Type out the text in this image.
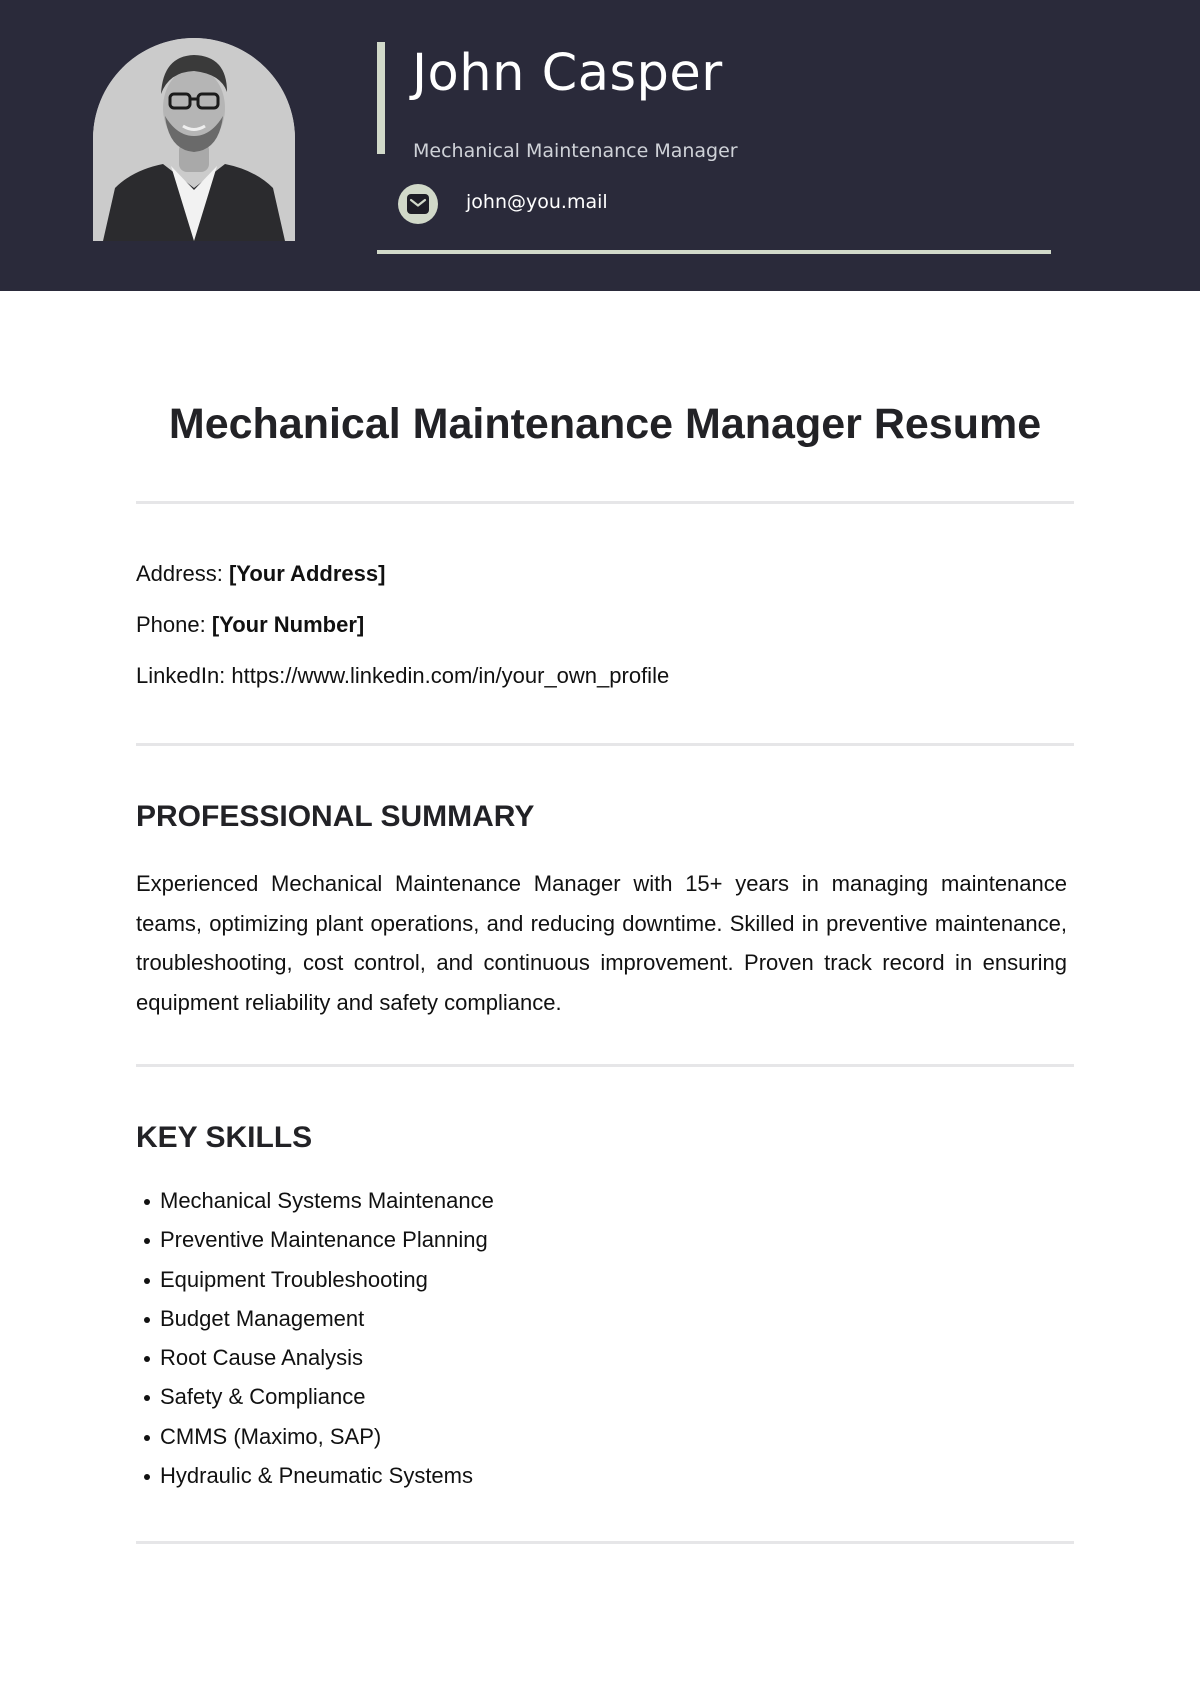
John Casper
Mechanical Maintenance Manager
john@you.mail
Mechanical Maintenance Manager Resume
Address: [Your Address]
Phone: [Your Number]
LinkedIn: https://www.linkedin.com/in/your_own_profile
PROFESSIONAL SUMMARY

Experienced Mechanical Maintenance Manager with 15+ years in managing maintenance teams, optimizing plant operations, and reducing downtime. Skilled in preventive maintenance, troubleshooting, cost control, and continuous improvement. Proven track record in ensuring equipment reliability and safety compliance.

KEY SKILLS
Mechanical Systems Maintenance
Preventive Maintenance Planning
Equipment Troubleshooting
Budget Management
Root Cause Analysis
Safety & Compliance
CMMS (Maximo, SAP)
Hydraulic & Pneumatic Systems
